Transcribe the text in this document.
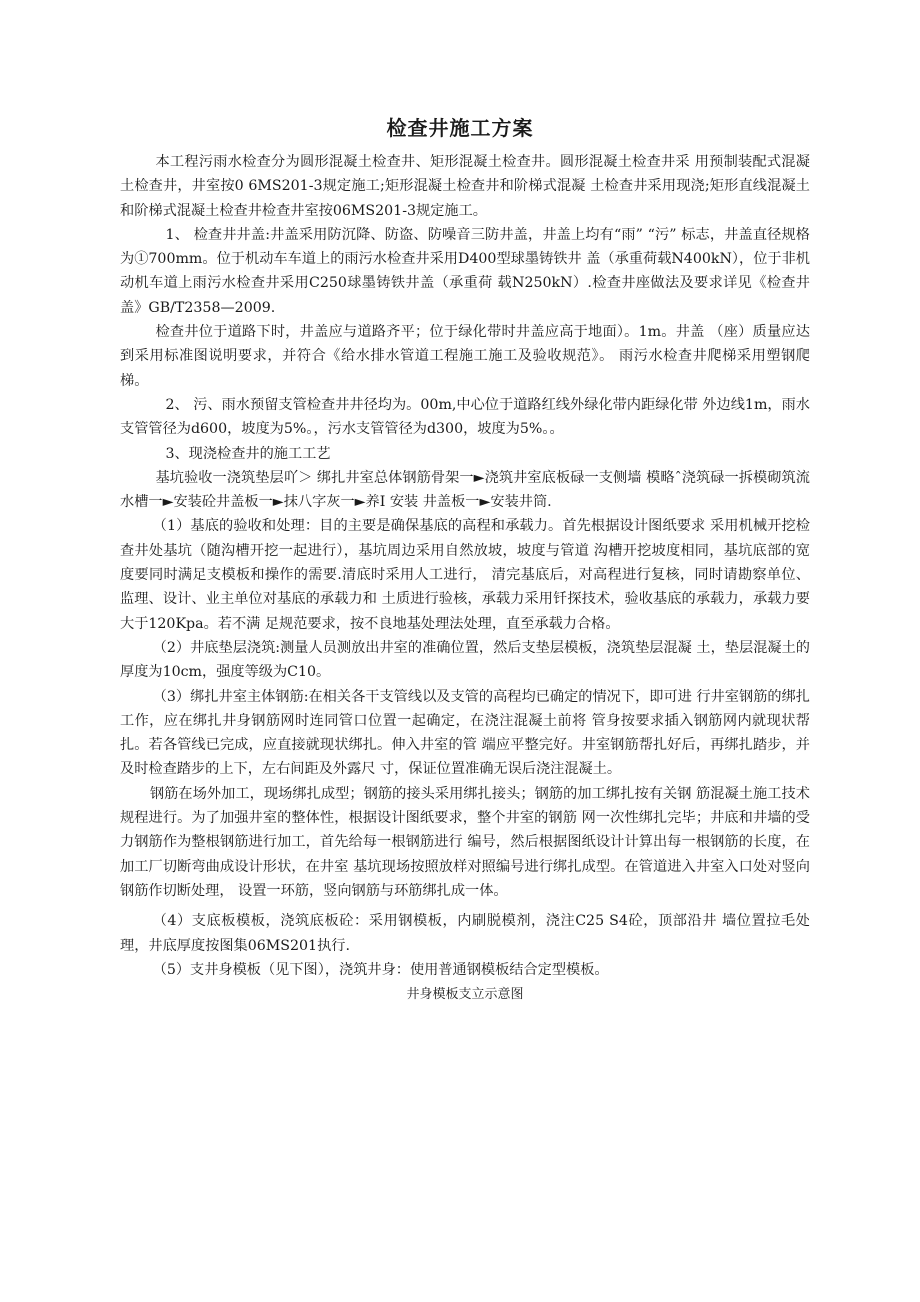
检查井施工方案

本工程污雨水检查分为圆形混凝土检查井、矩形混凝土检查井。圆形混凝土检查井采 用预制装配式混凝土检查井，井室按0 6MS201-3规定施工;矩形混凝土检查井和阶梯式混凝 土检查井采用现浇;矩形直线混凝土和阶梯式混凝土检查井检查井室按06MS201-3规定施工。

1、 检查井井盖:井盖采用防沉降、防盗、防噪音三防井盖，井盖上均有“雨” “污” 标志，井盖直径规格为①700mm。位于机动车车道上的雨污水检查井采用D400型球墨铸铁井 盖（承重荷载N400kN），位于非机动机车道上雨污水检查井采用C250球墨铸铁井盖（承重荷 载N250kN）.检查井座做法及要求详见《检查井盖》GB/T2358—2009.

检查井位于道路下时，井盖应与道路齐平；位于绿化带时井盖应高于地面）。1m。井盖 （座）质量应达到采用标准图说明要求，并符合《给水排水管道工程施工施工及验收规范》。 雨污水检查井爬梯采用塑钢爬梯。

2、 污、雨水预留支管检查井井径均为。00m,中心位于道路红线外绿化带内距绿化带 外边线1m，雨水支管管径为d600，坡度为5%。，污水支管管径为d300，坡度为5%。。

3、现浇检查井的施工工艺

基坑验收一浇筑垫层吖＞ 绑扎井室总体钢筋骨架一►浇筑井室底板碌一支侧墙 模略ˆ浇筑碌一拆模砌筑流水槽一►安装砼井盖板一►抹八字灰一►养I 安装 井盖板一►安装井筒.

（1）基底的验收和处理：目的主要是确保基底的高程和承载力。首先根据设计图纸要求 采用机械开挖检查井处基坑（随沟槽开挖一起进行），基坑周边采用自然放坡，坡度与管道 沟槽开挖坡度相同，基坑底部的宽度要同时满足支模板和操作的需要.清底时采用人工进行， 清完基底后，对高程进行复核，同时请勘察单位、监理、设计、业主单位对基底的承载力和 土质进行验核，承载力采用钎探技术，验收基底的承载力，承载力要大于120Kpa。若不满 足规范要求，按不良地基处理法处理，直至承载力合格。

（2）井底垫层浇筑:测量人员测放出井室的准确位置，然后支垫层模板，浇筑垫层混凝 土，垫层混凝土的厚度为10cm，强度等级为C10。

（3）绑扎井室主体钢筋:在相关各干支管线以及支管的高程均已确定的情况下，即可进 行井室钢筋的绑扎工作，应在绑扎井身钢筋网时连同管口位置一起确定，在浇注混凝土前将 管身按要求插入钢筋网内就现状帮扎。若各管线已完成，应直接就现状绑扎。伸入井室的管 端应平整完好。井室钢筋帮扎好后，再绑扎踏步，并及时检查踏步的上下，左右间距及外露尺 寸，保证位置准确无误后浇注混凝土。

钢筋在场外加工，现场绑扎成型；钢筋的接头采用绑扎接头；钢筋的加工绑扎按有关钢 筋混凝土施工技术规程进行。为了加强井室的整体性，根据设计图纸要求，整个井室的钢筋 网一次性绑扎完毕；井底和井墙的受力钢筋作为整根钢筋进行加工，首先给每一根钢筋进行 编号，然后根据图纸设计计算出每一根钢筋的长度，在加工厂切断弯曲成设计形状，在井室 基坑现场按照放样对照编号进行绑扎成型。在管道进入井室入口处对竖向钢筋作切断处理， 设置一环筋，竖向钢筋与环筋绑扎成一体。

（4）支底板模板，浇筑底板砼：采用钢模板，内刷脱模剂，浇注C25 S4砼，顶部沿井 墙位置拉毛处理，井底厚度按图集06MS201执行.

（5）支井身模板（见下图），浇筑井身：使用普通钢模板结合定型模板。

井身模板支立示意图
